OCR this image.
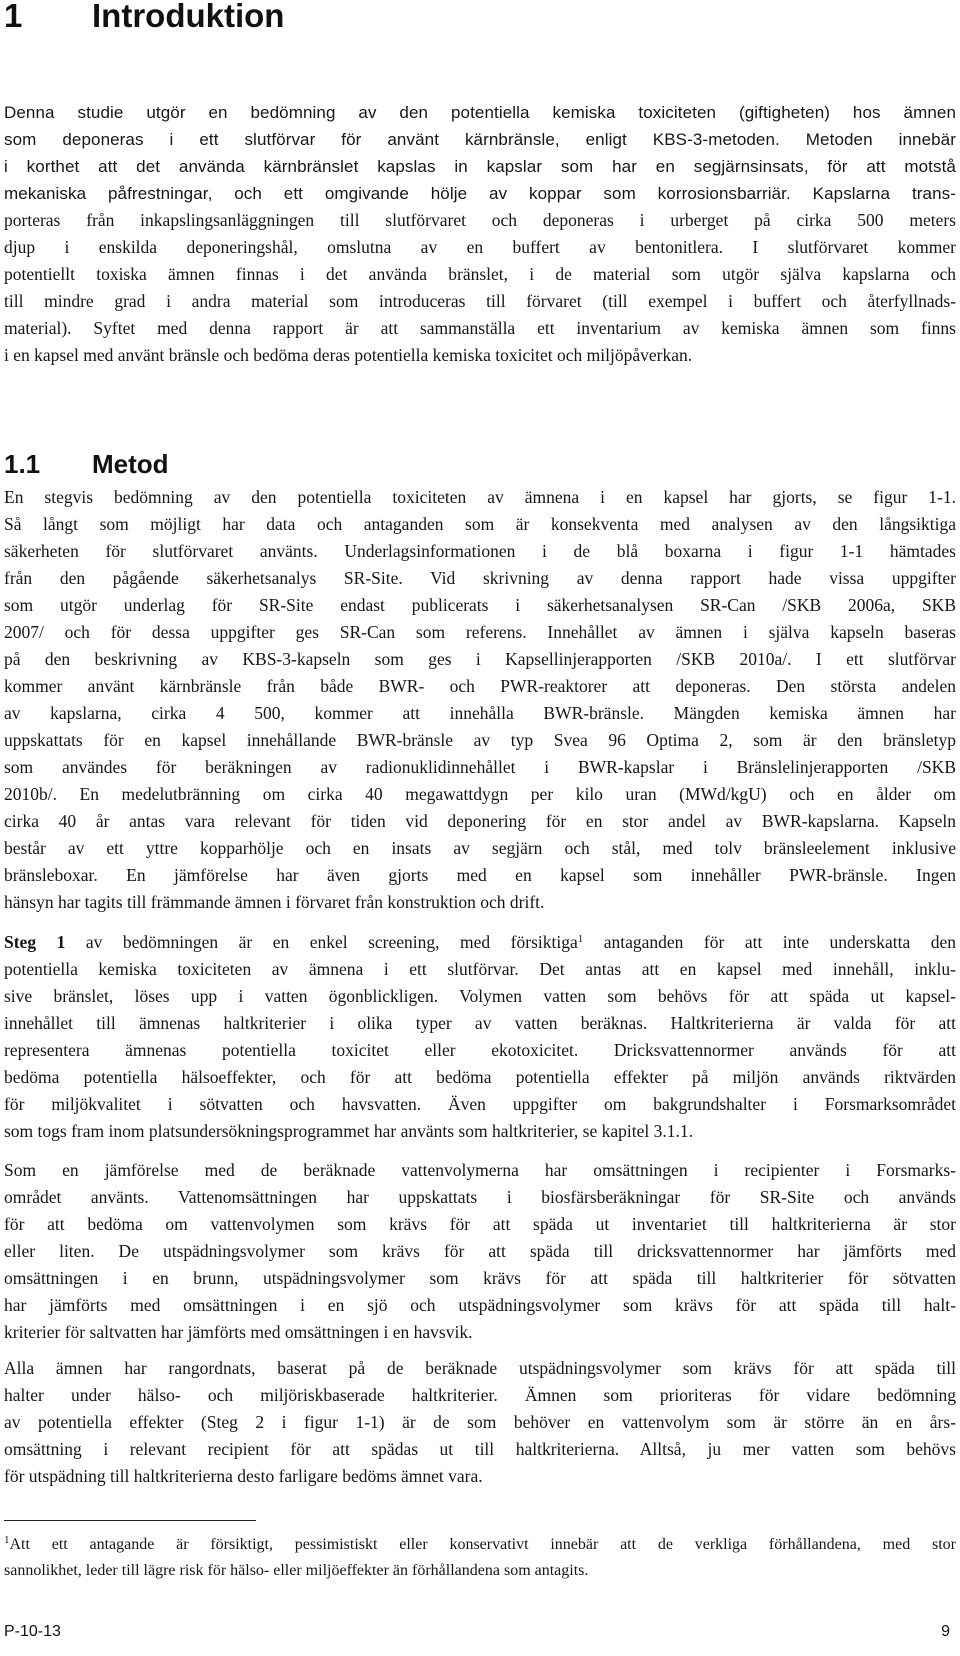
1 Introduktion
Denna studie utgör en bedömning av den potentiella kemiska toxiciteten (giftigheten) hos ämnen
som deponeras i ett slutförvar för använt kärnbränsle, enligt KBS-3-metoden. Metoden innebär
i korthet att det använda kärnbränslet kapslas in kapslar som har en segjärnsinsats, för att motstå
mekaniska påfrestningar, och ett omgivande hölje av koppar som korrosionsbarriär. Kapslarna trans-
porteras från inkapslingsanläggningen till slutförvaret och deponeras i urberget på cirka 500 meters
djup i enskilda deponeringshål, omslutna av en buffert av bentonitlera. I slutförvaret kommer
potentiellt toxiska ämnen finnas i det använda bränslet, i de material som utgör själva kapslarna och
till mindre grad i andra material som introduceras till förvaret (till exempel i buffert och återfyllnads-
material). Syftet med denna rapport är att sammanställa ett inventarium av kemiska ämnen som finns
i en kapsel med använt bränsle och bedöma deras potentiella kemiska toxicitet och miljöpåverkan.
1.1 Metod
En stegvis bedömning av den potentiella toxiciteten av ämnena i en kapsel har gjorts, se figur 1-1.
Så långt som möjligt har data och antaganden som är konsekventa med analysen av den långsiktiga
säkerheten för slutförvaret använts. Underlagsinformationen i de blå boxarna i figur 1-1 hämtades
från den pågående säkerhetsanalys SR-Site. Vid skrivning av denna rapport hade vissa uppgifter
som utgör underlag för SR-Site endast publicerats i säkerhetsanalysen SR-Can /SKB 2006a, SKB
2007/ och för dessa uppgifter ges SR-Can som referens. Innehållet av ämnen i själva kapseln baseras
på den beskrivning av KBS-3-kapseln som ges i Kapsellinjerapporten /SKB 2010a/. I ett slutförvar
kommer använt kärnbränsle från både BWR- och PWR-reaktorer att deponeras. Den största andelen
av kapslarna, cirka 4 500, kommer att innehålla BWR-bränsle. Mängden kemiska ämnen har
uppskattats för en kapsel innehållande BWR-bränsle av typ Svea 96 Optima 2, som är den bränsletyp
som användes för beräkningen av radionuklidinnehållet i BWR-kapslar i Bränslelinjerapporten /SKB
2010b/. En medelutbränning om cirka 40 megawattdygn per kilo uran (MWd/kgU) och en ålder om
cirka 40 år antas vara relevant för tiden vid deponering för en stor andel av BWR-kapslarna. Kapseln
består av ett yttre kopparhölje och en insats av segjärn och stål, med tolv bränsleelement inklusive
bränsleboxar. En jämförelse har även gjorts med en kapsel som innehåller PWR-bränsle. Ingen
hänsyn har tagits till främmande ämnen i förvaret från konstruktion och drift.
Steg 1 av bedömningen är en enkel screening, med försiktiga$^1$ antaganden för att inte underskatta den
potentiella kemiska toxiciteten av ämnena i ett slutförvar. Det antas att en kapsel med innehåll, inklu-
sive bränslet, löses upp i vatten ögonblickligen. Volymen vatten som behövs för att späda ut kapsel-
innehållet till ämnenas haltkriterier i olika typer av vatten beräknas. Haltkriterierna är valda för att
representera ämnenas potentiella toxicitet eller ekotoxicitet. Dricksvattennormer används för att
bedöma potentiella hälsoeffekter, och för att bedöma potentiella effekter på miljön används riktvärden
för miljökvalitet i sötvatten och havsvatten. Även uppgifter om bakgrundshalter i Forsmarksområdet
som togs fram inom platsundersökningsprogrammet har använts som haltkriterier, se kapitel 3.1.1.
Som en jämförelse med de beräknade vattenvolymerna har omsättningen i recipienter i Forsmarks-
området använts. Vattenomsättningen har uppskattats i biosfärsberäkningar för SR-Site och används
för att bedöma om vattenvolymen som krävs för att späda ut inventariet till haltkriterierna är stor
eller liten. De utspädningsvolymer som krävs för att späda till dricksvattennormer har jämförts med
omsättningen i en brunn, utspädningsvolymer som krävs för att späda till haltkriterier för sötvatten
har jämförts med omsättningen i en sjö och utspädningsvolymer som krävs för att späda till halt-
kriterier för saltvatten har jämförts med omsättningen i en havsvik.
Alla ämnen har rangordnats, baserat på de beräknade utspädningsvolymer som krävs för att späda till
halter under hälso- och miljöriskbaserade haltkriterier. Ämnen som prioriteras för vidare bedömning
av potentiella effekter (Steg 2 i figur 1-1) är de som behöver en vattenvolym som är större än en års-
omsättning i relevant recipient för att spädas ut till haltkriterierna. Alltså, ju mer vatten som behövs
för utspädning till haltkriterierna desto farligare bedöms ämnet vara.
$^1$Att ett antagande är försiktigt, pessimistiskt eller konservativt innebär att de verkliga förhållandena, med stor
sannolikhet, leder till lägre risk för hälso- eller miljöeffekter än förhållandena som antagits.
P-10-13	9
